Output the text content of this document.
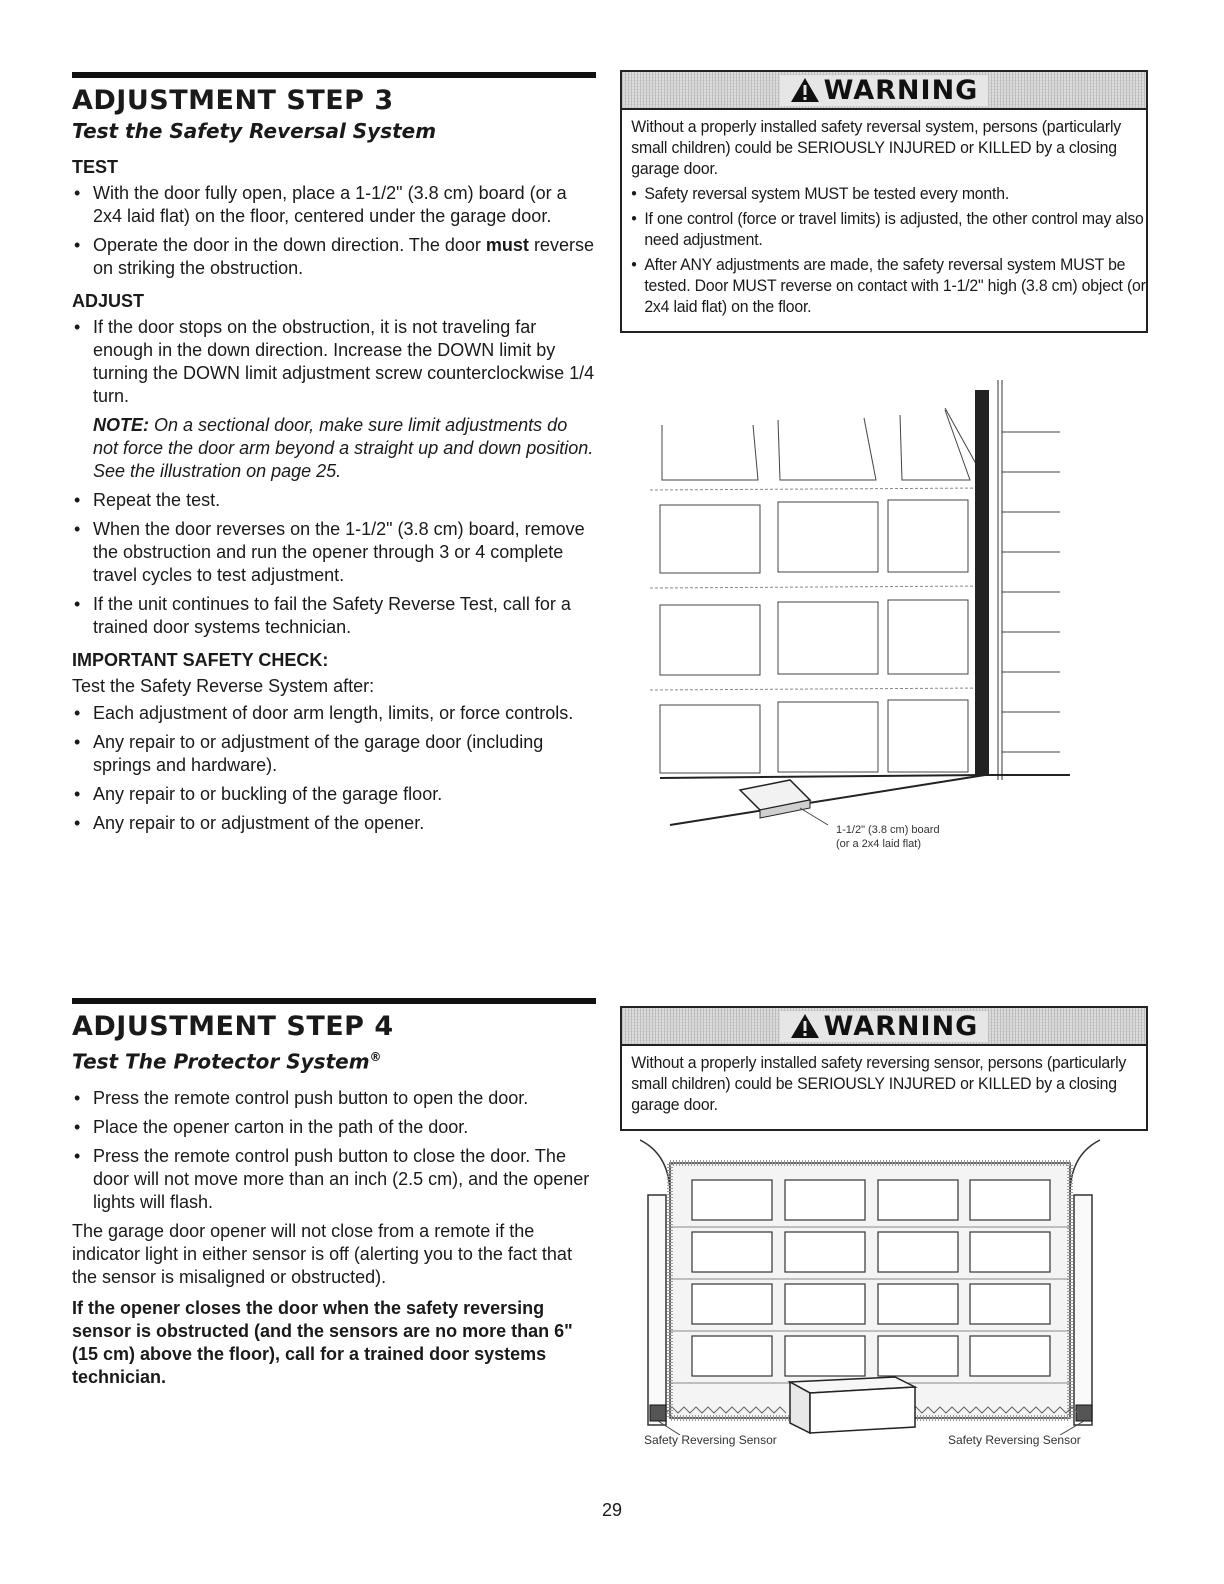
ADJUSTMENT STEP 3
Test the Safety Reversal System
TEST
• With the door fully open, place a 1-1/2" (3.8 cm) board (or a 2x4 laid flat) on the floor, centered under the garage door.
• Operate the door in the down direction. The door must reverse on striking the obstruction.
ADJUST
• If the door stops on the obstruction, it is not traveling far enough in the down direction. Increase the DOWN limit by turning the DOWN limit adjustment screw counterclockwise 1/4 turn.

NOTE: On a sectional door, make sure limit adjustments do not force the door arm beyond a straight up and down position. See the illustration on page 25.

• Repeat the test.
• When the door reverses on the 1-1/2" (3.8 cm) board, remove the obstruction and run the opener through 3 or 4 complete travel cycles to test adjustment.
• If the unit continues to fail the Safety Reverse Test, call for a trained door systems technician.
IMPORTANT SAFETY CHECK:

Test the Safety Reverse System after:

• Each adjustment of door arm length, limits, or force controls.
• Any repair to or adjustment of the garage door (including springs and hardware).
• Any repair to or buckling of the garage floor.
• Any repair to or adjustment of the opener.
WARNING

Without a properly installed safety reversal system, persons (particularly small children) could be SERIOUSLY INJURED or KILLED by a closing garage door.

• Safety reversal system MUST be tested every month.
• If one control (force or travel limits) is adjusted, the other control may also need adjustment.
• After ANY adjustments are made, the safety reversal system MUST be tested. Door MUST reverse on contact with 1-1/2" high (3.8 cm) object (or 2x4 laid flat) on the floor.
1-1/2" (3.8 cm) board
(or a 2x4 laid flat)
ADJUSTMENT STEP 4
Test The Protector System®
• Press the remote control push button to open the door.
• Place the opener carton in the path of the door.
• Press the remote control push button to close the door. The door will not move more than an inch (2.5 cm), and the opener lights will flash.

The garage door opener will not close from a remote if the indicator light in either sensor is off (alerting you to the fact that the sensor is misaligned or obstructed).

If the opener closes the door when the safety reversing sensor is obstructed (and the sensors are no more than 6" (15 cm) above the floor), call for a trained door systems technician.

WARNING

Without a properly installed safety reversing sensor, persons (particularly small children) could be SERIOUSLY INJURED or KILLED by a closing garage door.

Safety Reversing Sensor	Safety Reversing Sensor
29
